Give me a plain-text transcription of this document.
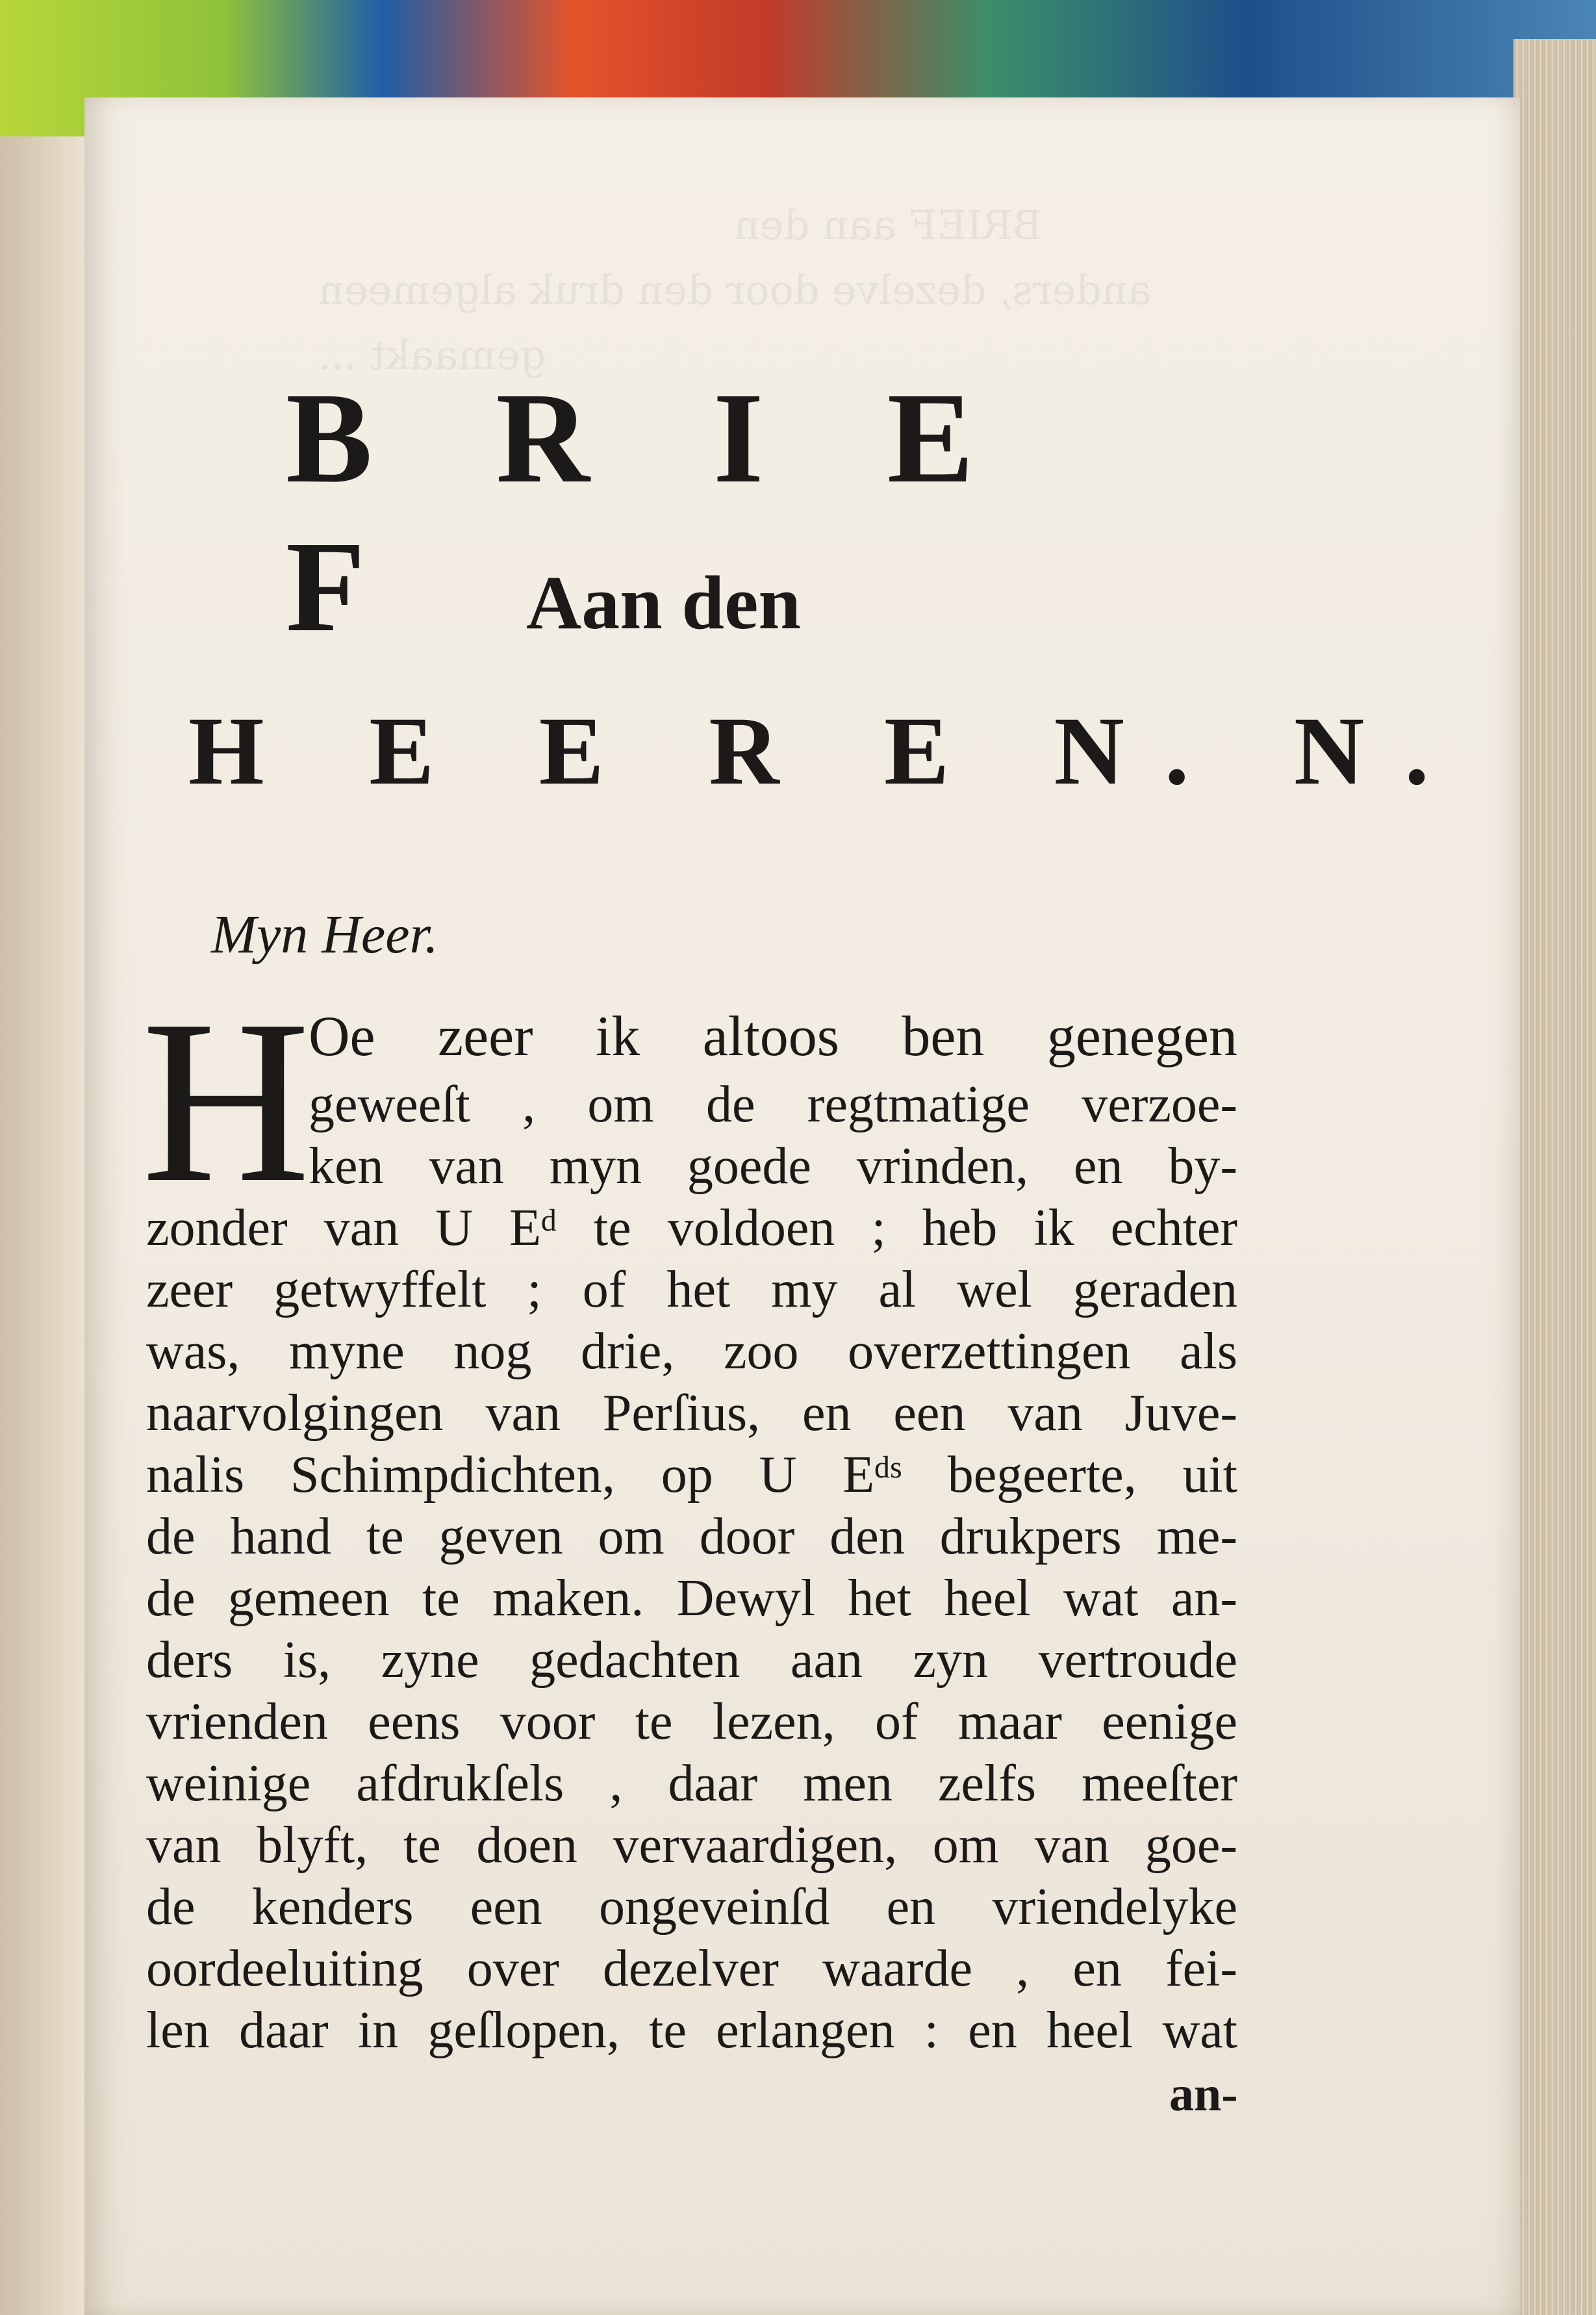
BRIEF aan den
anders, dezelve door den druk algemeen
gemaakt ...
B R I E F	Aan den
H E E R E N. N.

Myn Heer.

H

Oe zeer ik altoos ben genegen

geweeſt , om de regtmatige verzoe-

ken van myn goede vrinden, en by-

zonder van U Eᵈ te voldoen ; heb ik echter

zeer getwyffelt ; of het my al wel geraden

was, myne nog drie, zoo overzettingen als

naarvolgingen van Perſius, en een van Juve-

nalis Schimpdichten, op U Eᵈˢ begeerte, uit

de hand te geven om door den drukpers me-

de gemeen te maken. Dewyl het heel wat an-

ders is, zyne gedachten aan zyn vertroude

vrienden eens voor te lezen, of maar eenige

weinige afdrukſels , daar men zelfs meeſter

van blyft, te doen vervaardigen, om van goe-

de kenders een ongeveinſd en vriendelyke

oordeeluiting over dezelver waarde , en fei-

len daar in geſlopen, te erlangen : en heel wat

an-
